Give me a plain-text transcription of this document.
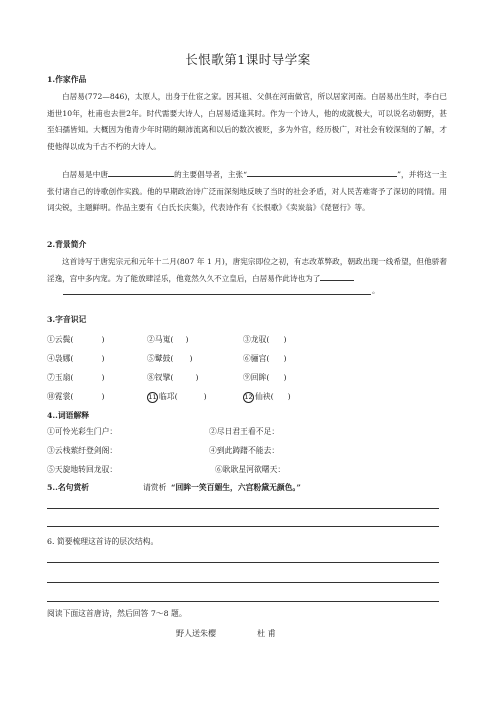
长恨歌第1课时导学案
1.作家作品

白居易(772—846)，太原人，出身于仕宦之家。因其祖、父俱在河南做官，所以居家河南。白居易出生时，李白已逝世10年，杜甫也去世2年。时代需要大诗人，白居易适逢其时。作为一个诗人，他的成就极大，可以说名动朝野，甚至妇孺皆知。大概因为他青少年时期的颠沛流离和以后的数次被贬，多为外官，经历极广，对社会有较深刻的了解，才使他得以成为千古不朽的大诗人。

白居易是中唐	的主要倡导者，主张“	”，并将这一主张付诸自己的诗歌创作实践。他的早期政治诗广泛而深刻地反映了当时的社会矛盾，对人民苦难寄予了深切的同情。用词尖锐，主题鲜明。作品主要有《白氏长庆集》，代表诗作有《长恨歌》《卖炭翁》《琵琶行》等。

2.背景简介

这首诗写于唐宪宗元和元年十二月(807 年 1 月)，唐宪宗即位之初，有志改革弊政，朝政出现一线希望，但他骄奢淫逸，宫中多内宠。为了能放肆淫乐，他竟然久久不立皇后，白居易作此诗也为了

。
3.字音识记
①云鬓(	)	②马嵬( )	③龙驭( )
④袅娜(	)	⑤鼙鼓( )	⑥骊宫( )
⑦玉扇(	)	⑧钗擘(	)	⑨回眸( )
⑩霓裳(	)	11 临邛(	)	12 仙袂( )
4..词语解释
①可怜光彩生门户：	②尽日君王看不足：
③云栈萦纡登剑阁：	④到此踌躇不能去：
⑤天旋地转回龙驭：	⑥耿耿星河欲曙天：
5..名句赏析	请赏析 “回眸一笑百媚生，六宫粉黛无颜色。”
6. 简要梳理这首诗的层次结构。
阅读下面这首唐诗，然后回答 7～8 题。
野人送朱樱	杜 甫
